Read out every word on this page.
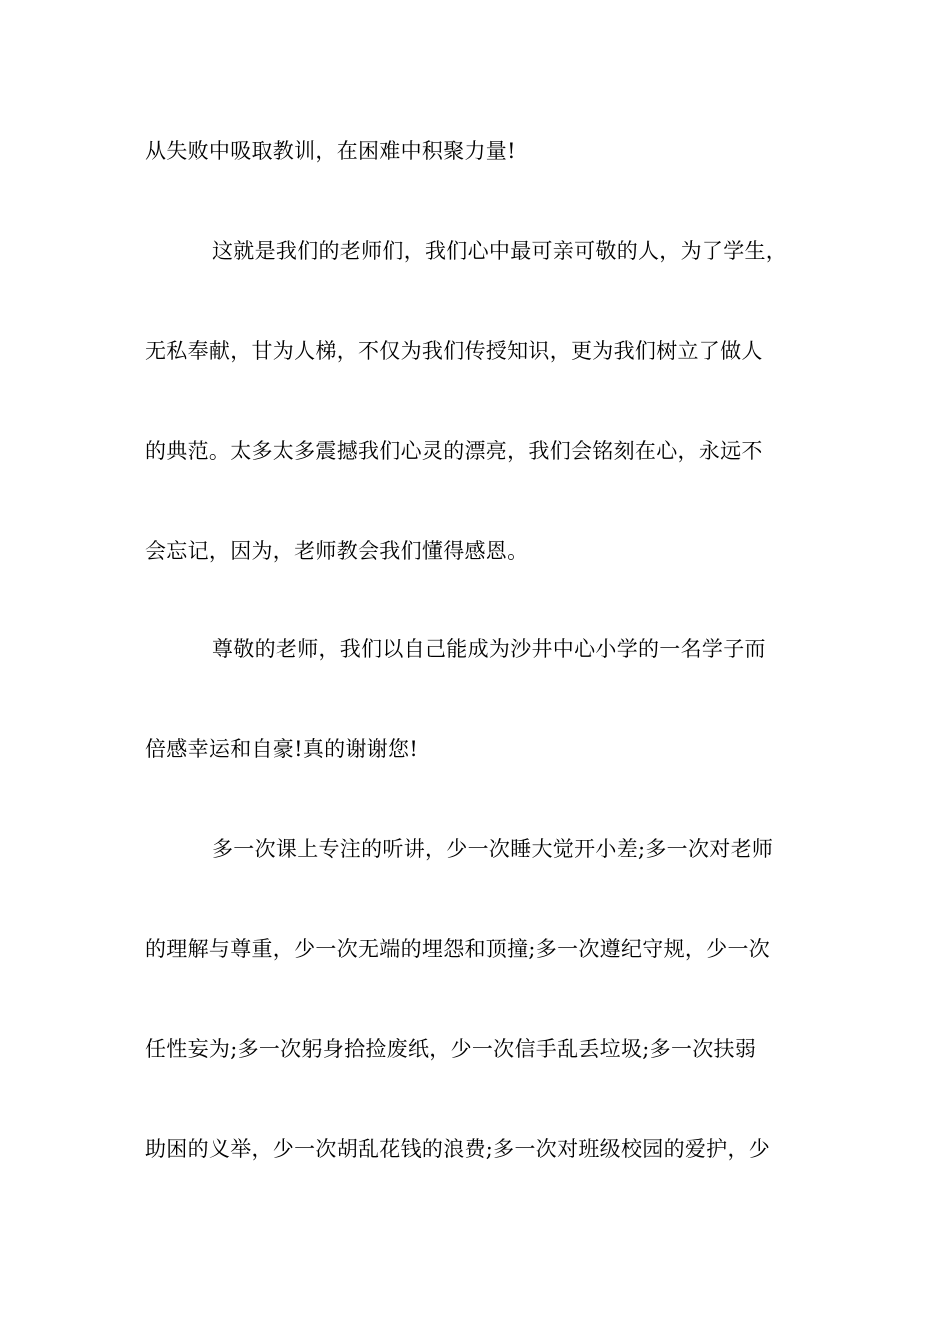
从失败中吸取教训，在困难中积聚力量!
这就是我们的老师们，我们心中最可亲可敬的人，为了学生，
无私奉献，甘为人梯，不仅为我们传授知识，更为我们树立了做人
的典范。太多太多震撼我们心灵的漂亮，我们会铭刻在心，永远不
会忘记，因为，老师教会我们懂得感恩。
尊敬的老师，我们以自己能成为沙井中心小学的一名学子而
倍感幸运和自豪!真的谢谢您!
多一次课上专注的听讲，少一次睡大觉开小差;多一次对老师
的理解与尊重，少一次无端的埋怨和顶撞;多一次遵纪守规，少一次
任性妄为;多一次躬身拾捡废纸，少一次信手乱丢垃圾;多一次扶弱
助困的义举，少一次胡乱花钱的浪费;多一次对班级校园的爱护，少
